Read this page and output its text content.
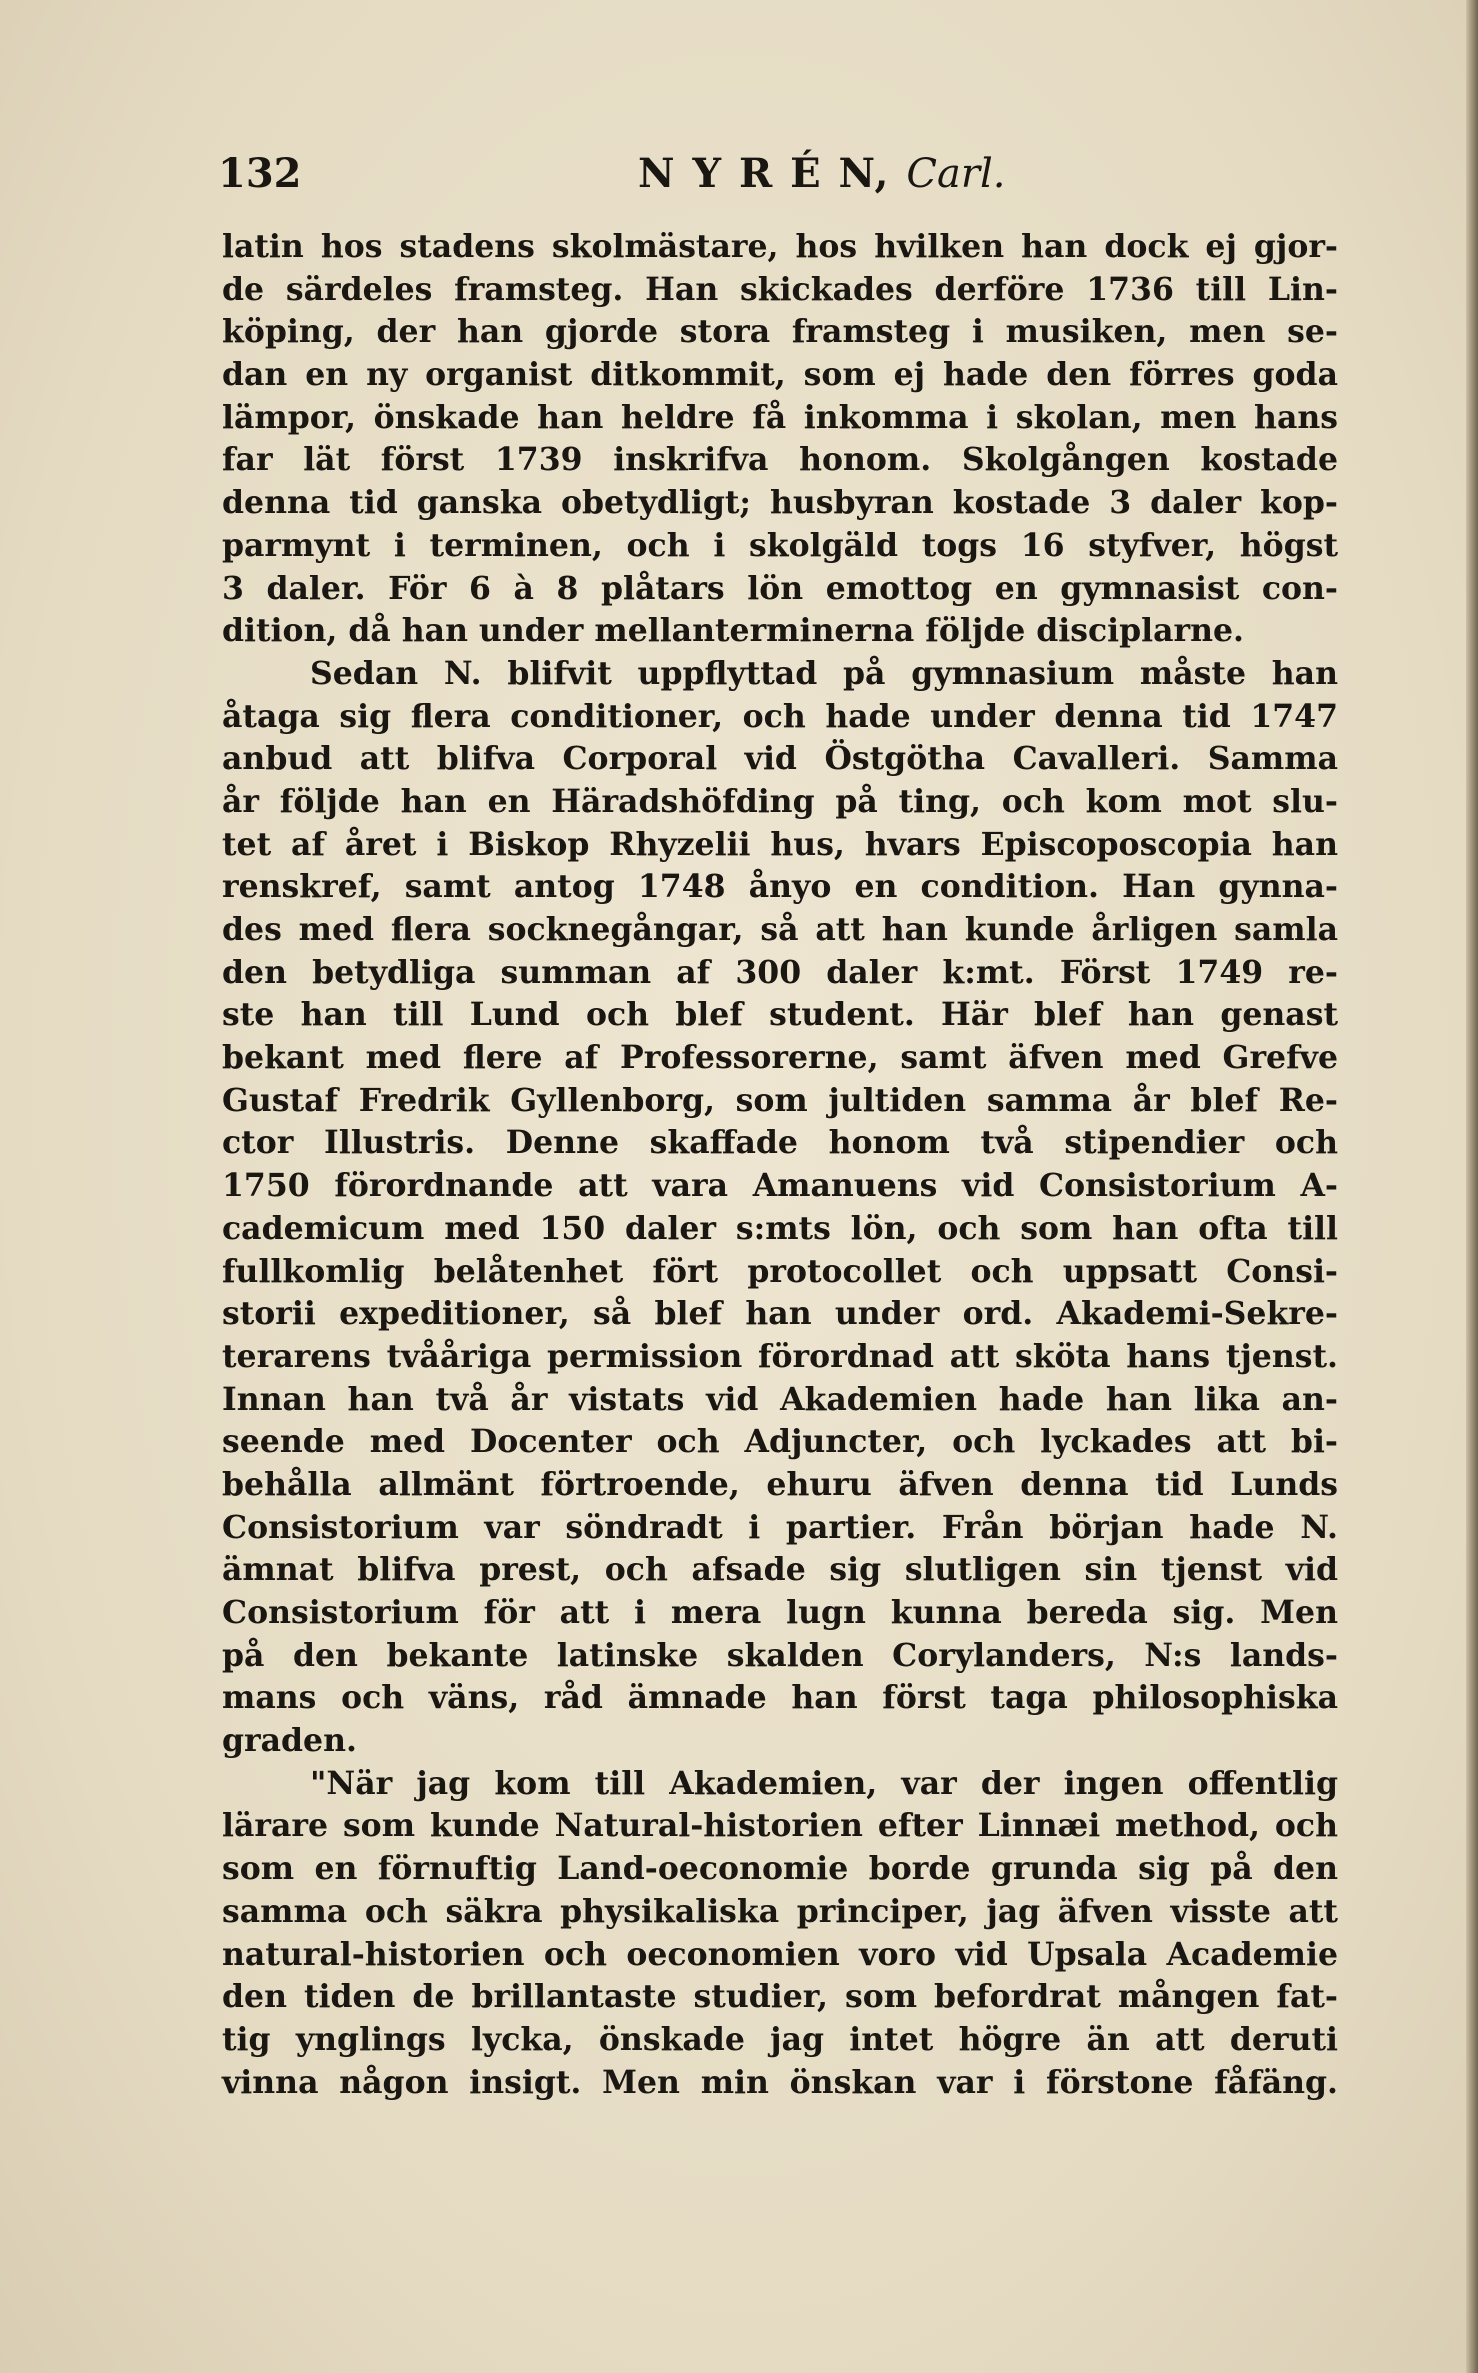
132	N Y R É N, Carl.
latin hos stadens skolmästare, hos hvilken han dock ej gjor-
de särdeles framsteg. Han skickades derföre 1736 till Lin-
köping, der han gjorde stora framsteg i musiken, men se-
dan en ny organist ditkommit, som ej hade den förres goda
lämpor, önskade han heldre få inkomma i skolan, men hans
far lät först 1739 inskrifva honom. Skolgången kostade
denna tid ganska obetydligt; husbyran kostade 3 daler kop-
parmynt i terminen, och i skolgäld togs 16 styfver, högst
3 daler. För 6 à 8 plåtars lön emottog en gymnasist con-
dition, då han under mellanterminerna följde disciplarne.
Sedan N. blifvit uppflyttad på gymnasium måste han
åtaga sig flera conditioner, och hade under denna tid 1747
anbud att blifva Corporal vid Östgötha Cavalleri. Samma
år följde han en Häradshöfding på ting, och kom mot slu-
tet af året i Biskop Rhyzelii hus, hvars Episcoposcopia han
renskref, samt antog 1748 ånyo en condition. Han gynna-
des med flera socknegångar, så att han kunde årligen samla
den betydliga summan af 300 daler k:mt. Först 1749 re-
ste han till Lund och blef student. Här blef han genast
bekant med flere af Professorerne, samt äfven med Grefve
Gustaf Fredrik Gyllenborg, som jultiden samma år blef Re-
ctor Illustris. Denne skaffade honom två stipendier och
1750 förordnande att vara Amanuens vid Consistorium A-
cademicum med 150 daler s:mts lön, och som han ofta till
fullkomlig belåtenhet fört protocollet och uppsatt Consi-
storii expeditioner, så blef han under ord. Akademi-Sekre-
terarens tvååriga permission förordnad att sköta hans tjenst.
Innan han två år vistats vid Akademien hade han lika an-
seende med Docenter och Adjuncter, och lyckades att bi-
behålla allmänt förtroende, ehuru äfven denna tid Lunds
Consistorium var söndradt i partier. Från början hade N.
ämnat blifva prest, och afsade sig slutligen sin tjenst vid
Consistorium för att i mera lugn kunna bereda sig. Men
på den bekante latinske skalden Corylanders, N:s lands-
mans och väns, råd ämnade han först taga philosophiska
graden.
"När jag kom till Akademien, var der ingen offentlig
lärare som kunde Natural-historien efter Linnæi method, och
som en förnuftig Land-oeconomie borde grunda sig på den
samma och säkra physikaliska principer, jag äfven visste att
natural-historien och oeconomien voro vid Upsala Academie
den tiden de brillantaste studier, som befordrat mången fat-
tig ynglings lycka, önskade jag intet högre än att deruti
vinna någon insigt. Men min önskan var i förstone fåfäng.
